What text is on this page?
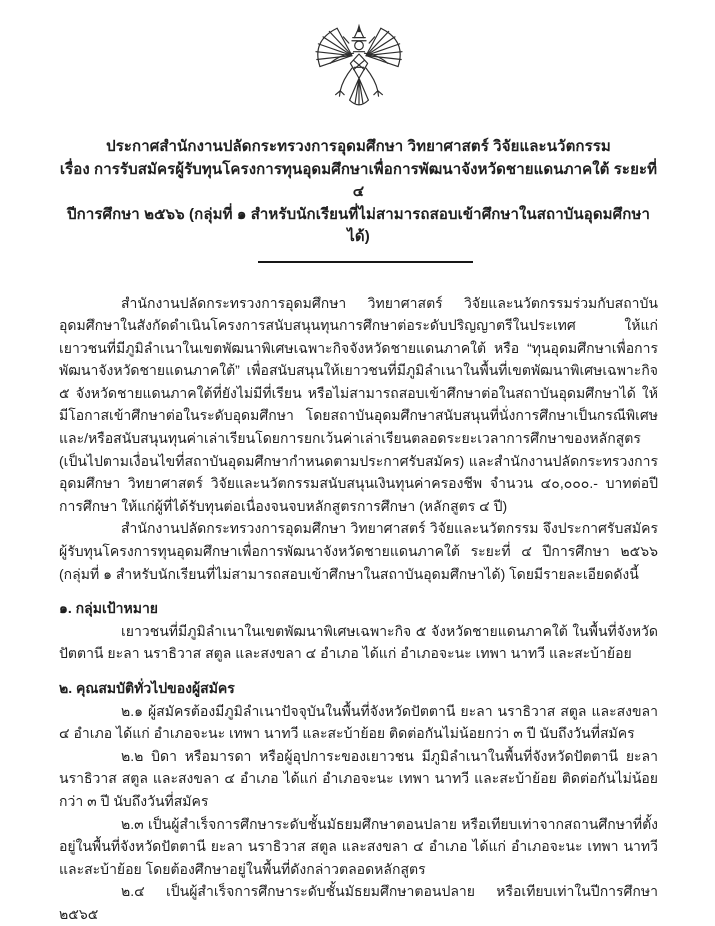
ประกาศสำนักงานปลัดกระทรวงการอุดมศึกษา วิทยาศาสตร์ วิจัยและนวัตกรรม
เรื่อง การรับสมัครผู้รับทุนโครงการทุนอุดมศึกษาเพื่อการพัฒนาจังหวัดชายแดนภาคใต้ ระยะที่ ๔
ปีการศึกษา ๒๕๖๖ (กลุ่มที่ ๑ สำหรับนักเรียนที่ไม่สามารถสอบเข้าศึกษาในสถาบันอุดมศึกษาได้)

สำนักงานปลัดกระทรวงการอุดมศึกษา วิทยาศาสตร์ วิจัยและนวัตกรรมร่วมกับสถาบันอุดมศึกษาในสังกัดดำเนินโครงการสนับสนุนทุนการศึกษาต่อระดับปริญญาตรีในประเทศ ให้แก่เยาวชนที่มีภูมิลำเนาในเขตพัฒนาพิเศษเฉพาะกิจจังหวัดชายแดนภาคใต้ หรือ “ทุนอุดมศึกษาเพื่อการพัฒนาจังหวัดชายแดนภาคใต้” เพื่อสนับสนุนให้เยาวชนที่มีภูมิลำเนาในพื้นที่เขตพัฒนาพิเศษเฉพาะกิจ ๕ จังหวัดชายแดนภาคใต้ที่ยังไม่มีที่เรียน หรือไม่สามารถสอบเข้าศึกษาต่อในสถาบันอุดมศึกษาได้ ให้มีโอกาสเข้าศึกษาต่อในระดับอุดมศึกษา โดยสถาบันอุดมศึกษาสนับสนุนที่นั่งการศึกษาเป็นกรณีพิเศษ และ/หรือสนับสนุนทุนค่าเล่าเรียนโดยการยกเว้นค่าเล่าเรียนตลอดระยะเวลาการศึกษาของหลักสูตร (เป็นไปตามเงื่อนไขที่สถาบันอุดมศึกษากำหนดตามประกาศรับสมัคร) และสำนักงานปลัดกระทรวงการอุดมศึกษา วิทยาศาสตร์ วิจัยและนวัตกรรมสนับสนุนเงินทุนค่าครองชีพ จำนวน ๔๐,๐๐๐.- บาทต่อปีการศึกษา ให้แก่ผู้ที่ได้รับทุนต่อเนื่องจนจบหลักสูตรการศึกษา (หลักสูตร ๔ ปี)

สำนักงานปลัดกระทรวงการอุดมศึกษา วิทยาศาสตร์ วิจัยและนวัตกรรม จึงประกาศรับสมัครผู้รับทุนโครงการทุนอุดมศึกษาเพื่อการพัฒนาจังหวัดชายแดนภาคใต้ ระยะที่ ๔ ปีการศึกษา ๒๕๖๖ (กลุ่มที่ ๑ สำหรับนักเรียนที่ไม่สามารถสอบเข้าศึกษาในสถาบันอุดมศึกษาได้) โดยมีรายละเอียดดังนี้

๑. กลุ่มเป้าหมาย

เยาวชนที่มีภูมิลำเนาในเขตพัฒนาพิเศษเฉพาะกิจ ๕ จังหวัดชายแดนภาคใต้ ในพื้นที่จังหวัดปัตตานี ยะลา นราธิวาส สตูล และสงขลา ๔ อำเภอ ได้แก่ อำเภอจะนะ เทพา นาทวี และสะบ้าย้อย

๒. คุณสมบัติทั่วไปของผู้สมัคร

๒.๑ ผู้สมัครต้องมีภูมิลำเนาปัจจุบันในพื้นที่จังหวัดปัตตานี ยะลา นราธิวาส สตูล และสงขลา ๔ อำเภอ ได้แก่ อำเภอจะนะ เทพา นาทวี และสะบ้าย้อย ติดต่อกันไม่น้อยกว่า ๓ ปี นับถึงวันที่สมัคร

๒.๒ บิดา หรือมารดา หรือผู้อุปการะของเยาวชน มีภูมิลำเนาในพื้นที่จังหวัดปัตตานี ยะลา นราธิวาส สตูล และสงขลา ๔ อำเภอ ได้แก่ อำเภอจะนะ เทพา นาทวี และสะบ้าย้อย ติดต่อกันไม่น้อยกว่า ๓ ปี นับถึงวันที่สมัคร

๒.๓ เป็นผู้สำเร็จการศึกษาระดับชั้นมัธยมศึกษาตอนปลาย หรือเทียบเท่าจากสถานศึกษาที่ตั้งอยู่ในพื้นที่จังหวัดปัตตานี ยะลา นราธิวาส สตูล และสงขลา ๔ อำเภอ ได้แก่ อำเภอจะนะ เทพา นาทวี และสะบ้าย้อย โดยต้องศึกษาอยู่ในพื้นที่ดังกล่าวตลอดหลักสูตร

๒.๔ เป็นผู้สำเร็จการศึกษาระดับชั้นมัธยมศึกษาตอนปลาย หรือเทียบเท่าในปีการศึกษา ๒๕๖๕
